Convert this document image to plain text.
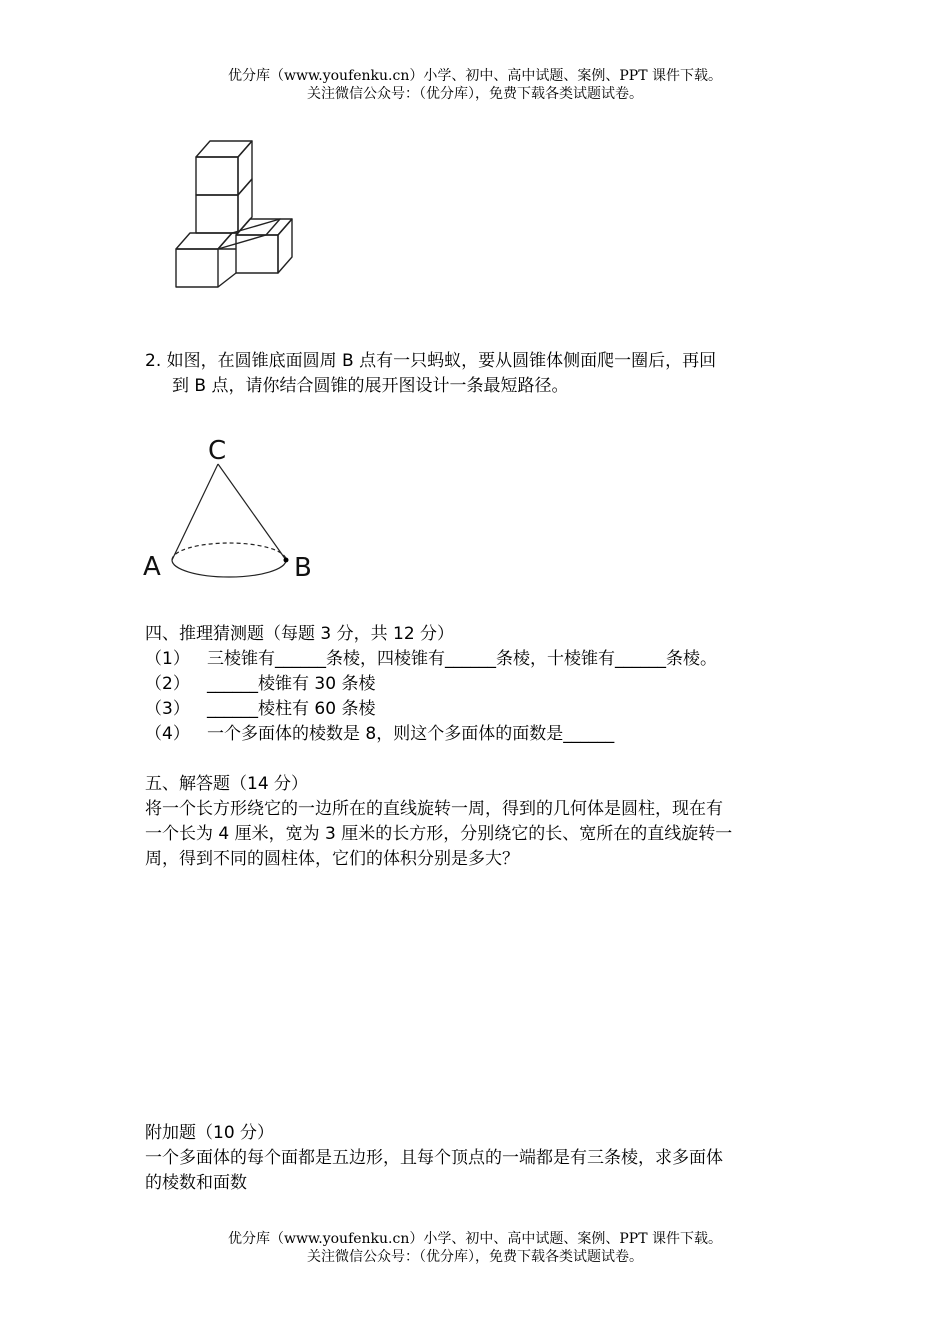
优分库（www.youfenku.cn）小学、初中、高中试题、案例、PPT 课件下载。
关注微信公众号：（优分库），免费下载各类试题试卷。
2. 如图，在圆锥底面圆周 B 点有一只蚂蚁，要从圆锥体侧面爬一圈后，再回
到 B 点，请你结合圆锥的展开图设计一条最短路径。
C
A	B
四、推理猜测题（每题 3 分，共 12 分）
（1） 三棱锥有______条棱，四棱锥有______条棱，十棱锥有______条棱。
（2） ______棱锥有 30 条棱
（3） ______棱柱有 60 条棱
（4） 一个多面体的棱数是 8，则这个多面体的面数是______
五、解答题（14 分）
将一个长方形绕它的一边所在的直线旋转一周，得到的几何体是圆柱，现在有
一个长为 4 厘米，宽为 3 厘米的长方形，分别绕它的长、宽所在的直线旋转一
周，得到不同的圆柱体，它们的体积分别是多大？
附加题（10 分）
一个多面体的每个面都是五边形，且每个顶点的一端都是有三条棱，求多面体
的棱数和面数
优分库（www.youfenku.cn）小学、初中、高中试题、案例、PPT 课件下载。
关注微信公众号：（优分库），免费下载各类试题试卷。
